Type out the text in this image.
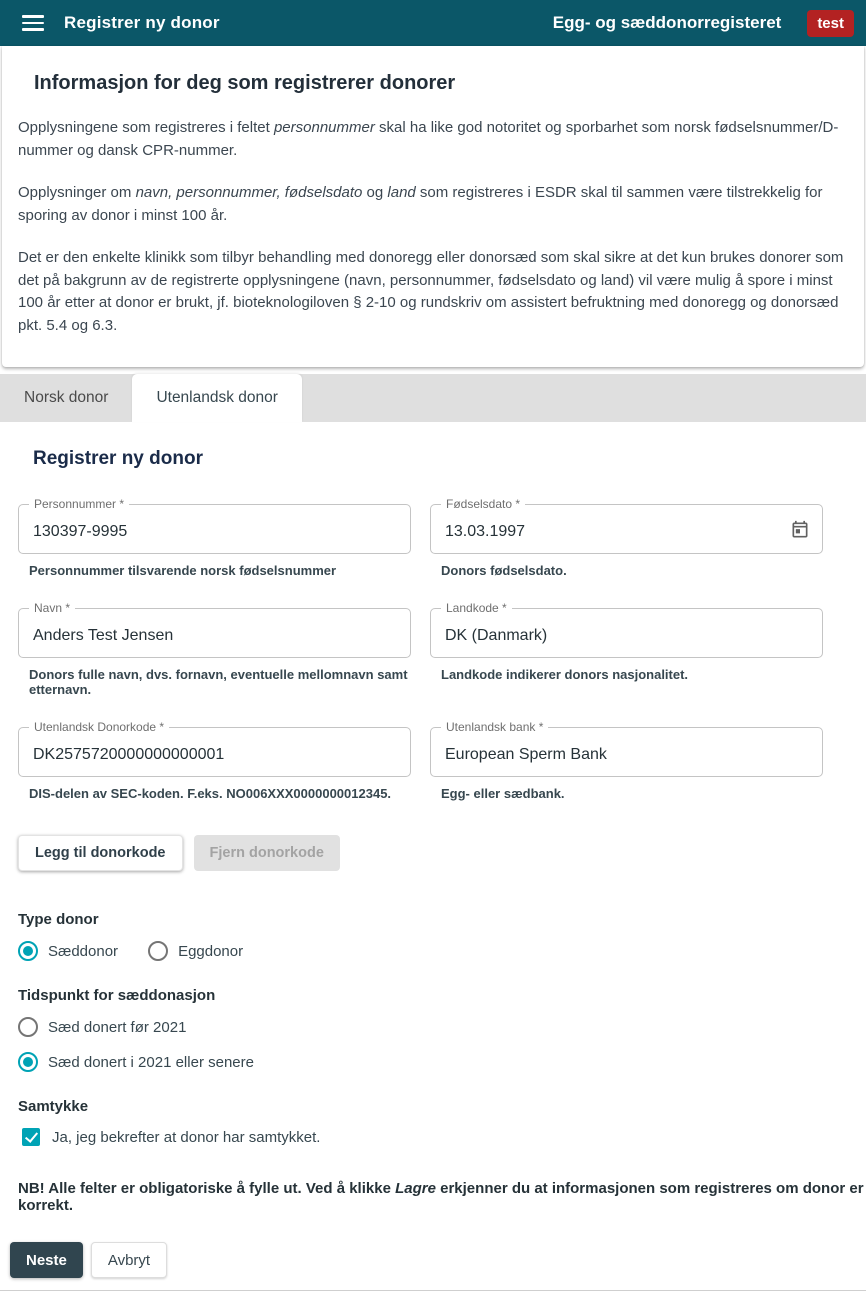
Registrer ny donor	Egg- og sæddonorregisteret	test
Informasjon for deg som registrerer donorer

Opplysningene som registreres i feltet personnummer skal ha like god notoritet og sporbarhet som norsk fødselsnummer/D-nummer og dansk CPR-nummer.

Opplysninger om navn, personnummer, fødselsdato og land som registreres i ESDR skal til sammen være tilstrekkelig for sporing av donor i minst 100 år.

Det er den enkelte klinikk som tilbyr behandling med donoregg eller donorsæd som skal sikre at det kun brukes donorer som det på bakgrunn av de registrerte opplysningene (navn, personnummer, fødselsdato og land) vil være mulig å spore i minst 100 år etter at donor er brukt, jf. bioteknologiloven § 2-10 og rundskriv om assistert befruktning med donoregg og donorsæd pkt. 5.4 og 6.3.

Norsk donor	Utenlandsk donor
Registrer ny donor
Personnummer *
130397-9995
Personnummer tilsvarende norsk fødselsnummer
Fødselsdato *
13.03.1997
Donors fødselsdato.
Navn *
Anders Test Jensen
Donors fulle navn, dvs. fornavn, eventuelle mellomnavn samt etternavn.
Landkode *
DK (Danmark)
Landkode indikerer donors nasjonalitet.
Utenlandsk Donorkode *
DK2575720000000000001
DIS-delen av SEC-koden. F.eks. NO006XXX0000000012345.
Utenlandsk bank *
European Sperm Bank
Egg- eller sædbank.
Legg til donorkode	Fjern donorkode
Type donor
Sæddonor	Eggdonor
Tidspunkt for sæddonasjon
Sæd donert før 2021
Sæd donert i 2021 eller senere
Samtykke
Ja, jeg bekrefter at donor har samtykket.

NB! Alle felter er obligatoriske å fylle ut. Ved å klikke Lagre erkjenner du at informasjonen som registreres om donor er korrekt.

Neste	Avbryt
